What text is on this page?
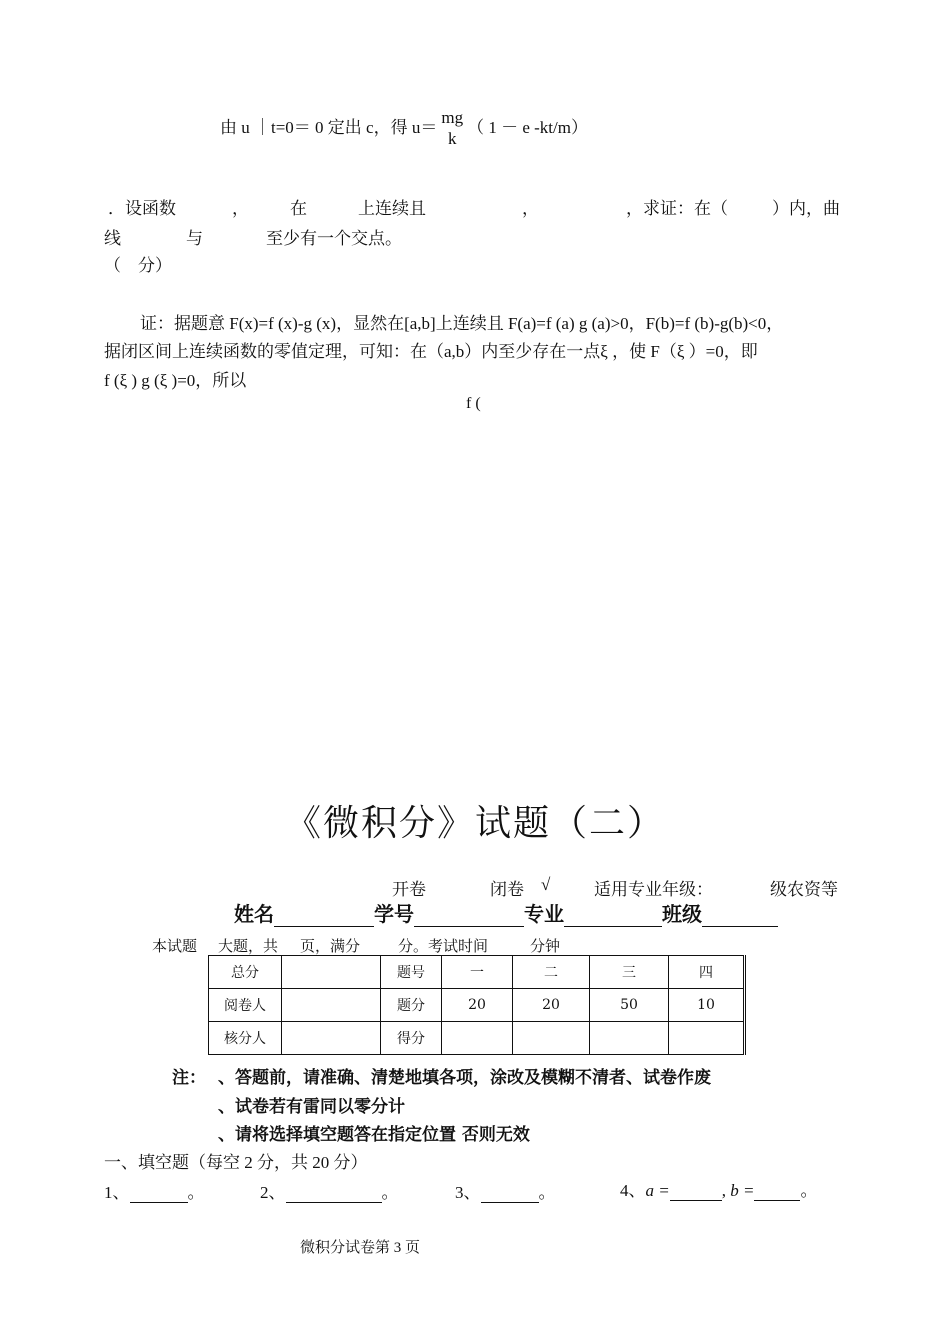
由 u ｜t=0＝ 0 定出 c，得 $u= \frac{mg}{k}$ （ 1 － e -kt/m）
．设函数	， 在	上连续且	，	，求证：在（	）内，曲
线	与	至少有一个交点。
（　分）
证：据题意 F(x)=f (x)-g (x)，显然在[a,b]上连续且 F(a)=f (a) g (a)>0，F(b)=f (b)-g(b)<0，
据闭区间上连续函数的零值定理，可知：在（a,b）内至少存在一点ξ ，使 F（ξ ）=0，即
f (ξ ) g (ξ )=0，所以
f (
《微积分》试题（二）
开卷	闭卷 √	适用专业年级：	级农资等
姓名	学号	专业	班级
本试题 大题，共 页，满分	分。考试时间	分钟
总分		题号	一	二	三	四
阅卷人		题分	20	20	50	10
核分人		得分				
注： 、答题前，请准确、清楚地填各项，涂改及模糊不清者、试卷作废
、试卷若有雷同以零分计
、请将选择填空题答在指定位置 否则无效
一、填空题（每空 2 分，共 20 分）
1、	。	2、	。	3、	。	4、a =	, b =	。
微积分试卷第 3 页
